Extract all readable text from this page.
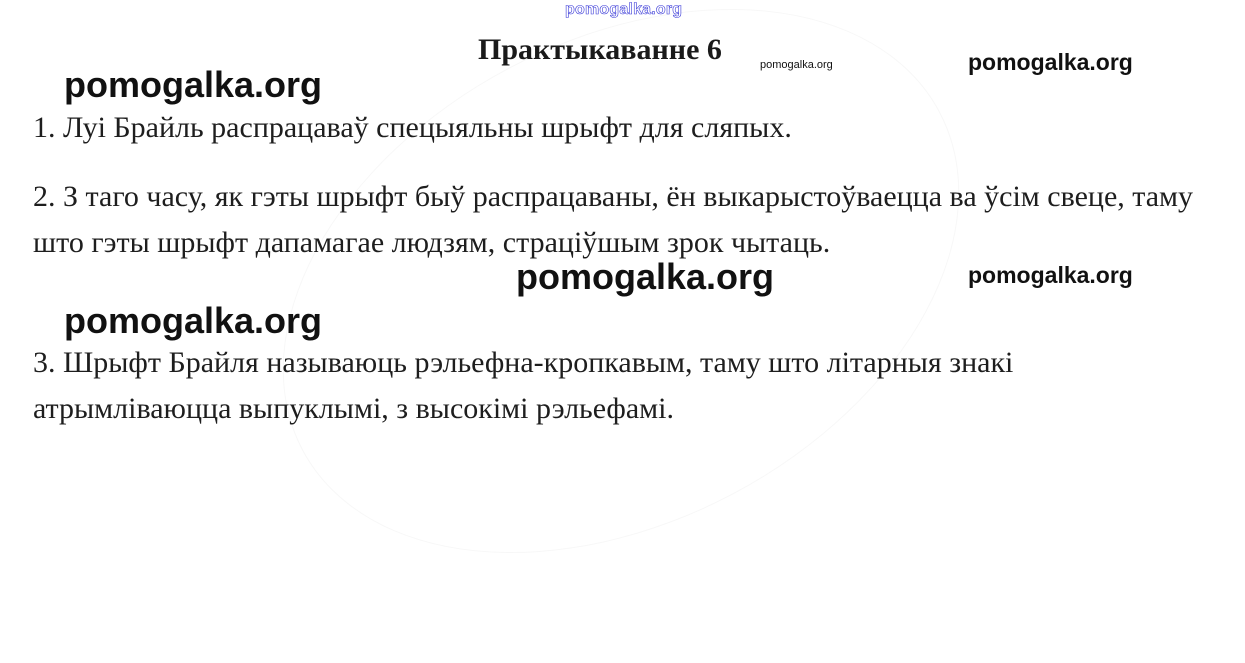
pomogalka.org
Практыкаванне 6	pomogalka.org
pomogalka.org
pomogalka.org

1. Луі Брайль распрацаваў спецыяльны шрыфт для сляпых.

2. З таго часу, як гэты шрыфт быў распрацаваны, ён выкарыстоўваецца ва ўсім свеце, таму што гэты шрыфт дапамагае людзям, страціўшым зрок чытаць.

pomogalka.org	pomogalka.org
pomogalka.org

3. Шрыфт Брайля называюць рэльефна-кропкавым, таму што літарныя знакі атрымліваюцца выпуклымі, з высокімі рэльефамі.
